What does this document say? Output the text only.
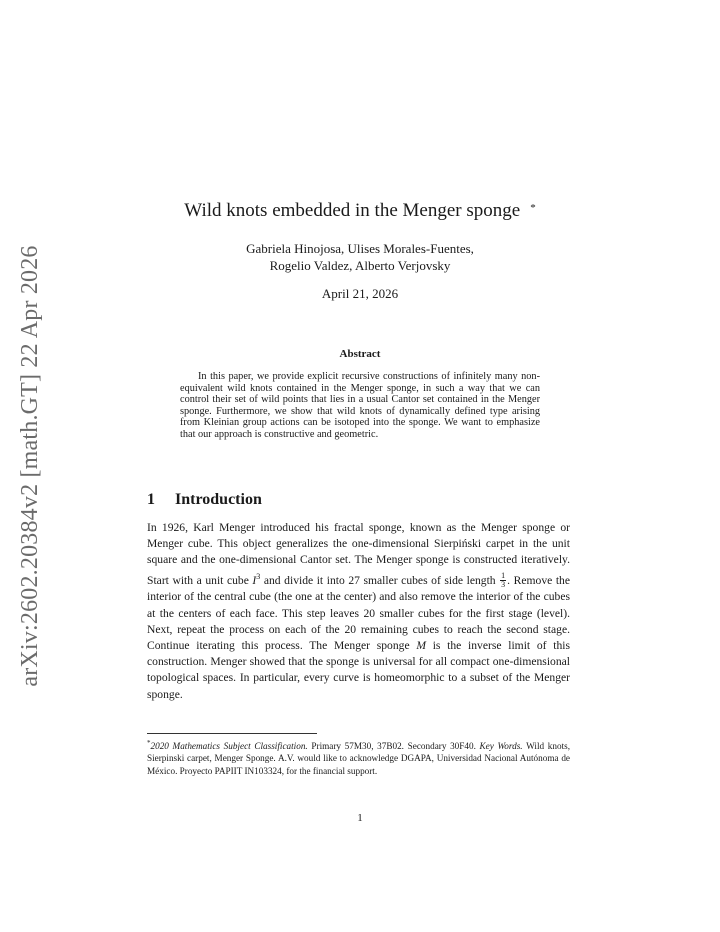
arXiv:2602.20384v2 [math.GT] 22 Apr 2026
Wild knots embedded in the Menger sponge *
Gabriela Hinojosa, Ulises Morales-Fuentes,
Rogelio Valdez, Alberto Verjovsky
April 21, 2026
Abstract

In this paper, we provide explicit recursive constructions of infinitely many non-equivalent wild knots contained in the Menger sponge, in such a way that we can control their set of wild points that lies in a usual Cantor set contained in the Menger sponge. Furthermore, we show that wild knots of dynamically defined type arising from Kleinian group actions can be isotoped into the sponge. We want to emphasize that our approach is constructive and geometric.

1 Introduction

In 1926, Karl Menger introduced his fractal sponge, known as the Menger sponge or Menger cube. This object generalizes the one-dimensional Sierpiński carpet in the unit square and the one-dimensional Cantor set. The Menger sponge is constructed iteratively. Start with a unit cube $I^3$ and divide it into 27 smaller cubes of side length $\frac{1}{3}$ . Remove the interior of the central cube (the one at the center) and also remove the interior of the cubes at the centers of each face. This step leaves 20 smaller cubes for the first stage (level). Next, repeat the process on each of the 20 remaining cubes to reach the second stage. Continue iterating this process. The Menger sponge M is the inverse limit of this construction. Menger showed that the sponge is universal for all compact one-dimensional topological spaces. In particular, every curve is homeomorphic to a subset of the Menger sponge.

*2020 Mathematics Subject Classification. Primary 57M30, 37B02. Secondary 30F40. Key Words. Wild knots, Sierpinski carpet, Menger Sponge. A.V. would like to acknowledge DGAPA, Universidad Nacional Autónoma de México. Proyecto PAPIIT IN103324, for the financial support.

1
